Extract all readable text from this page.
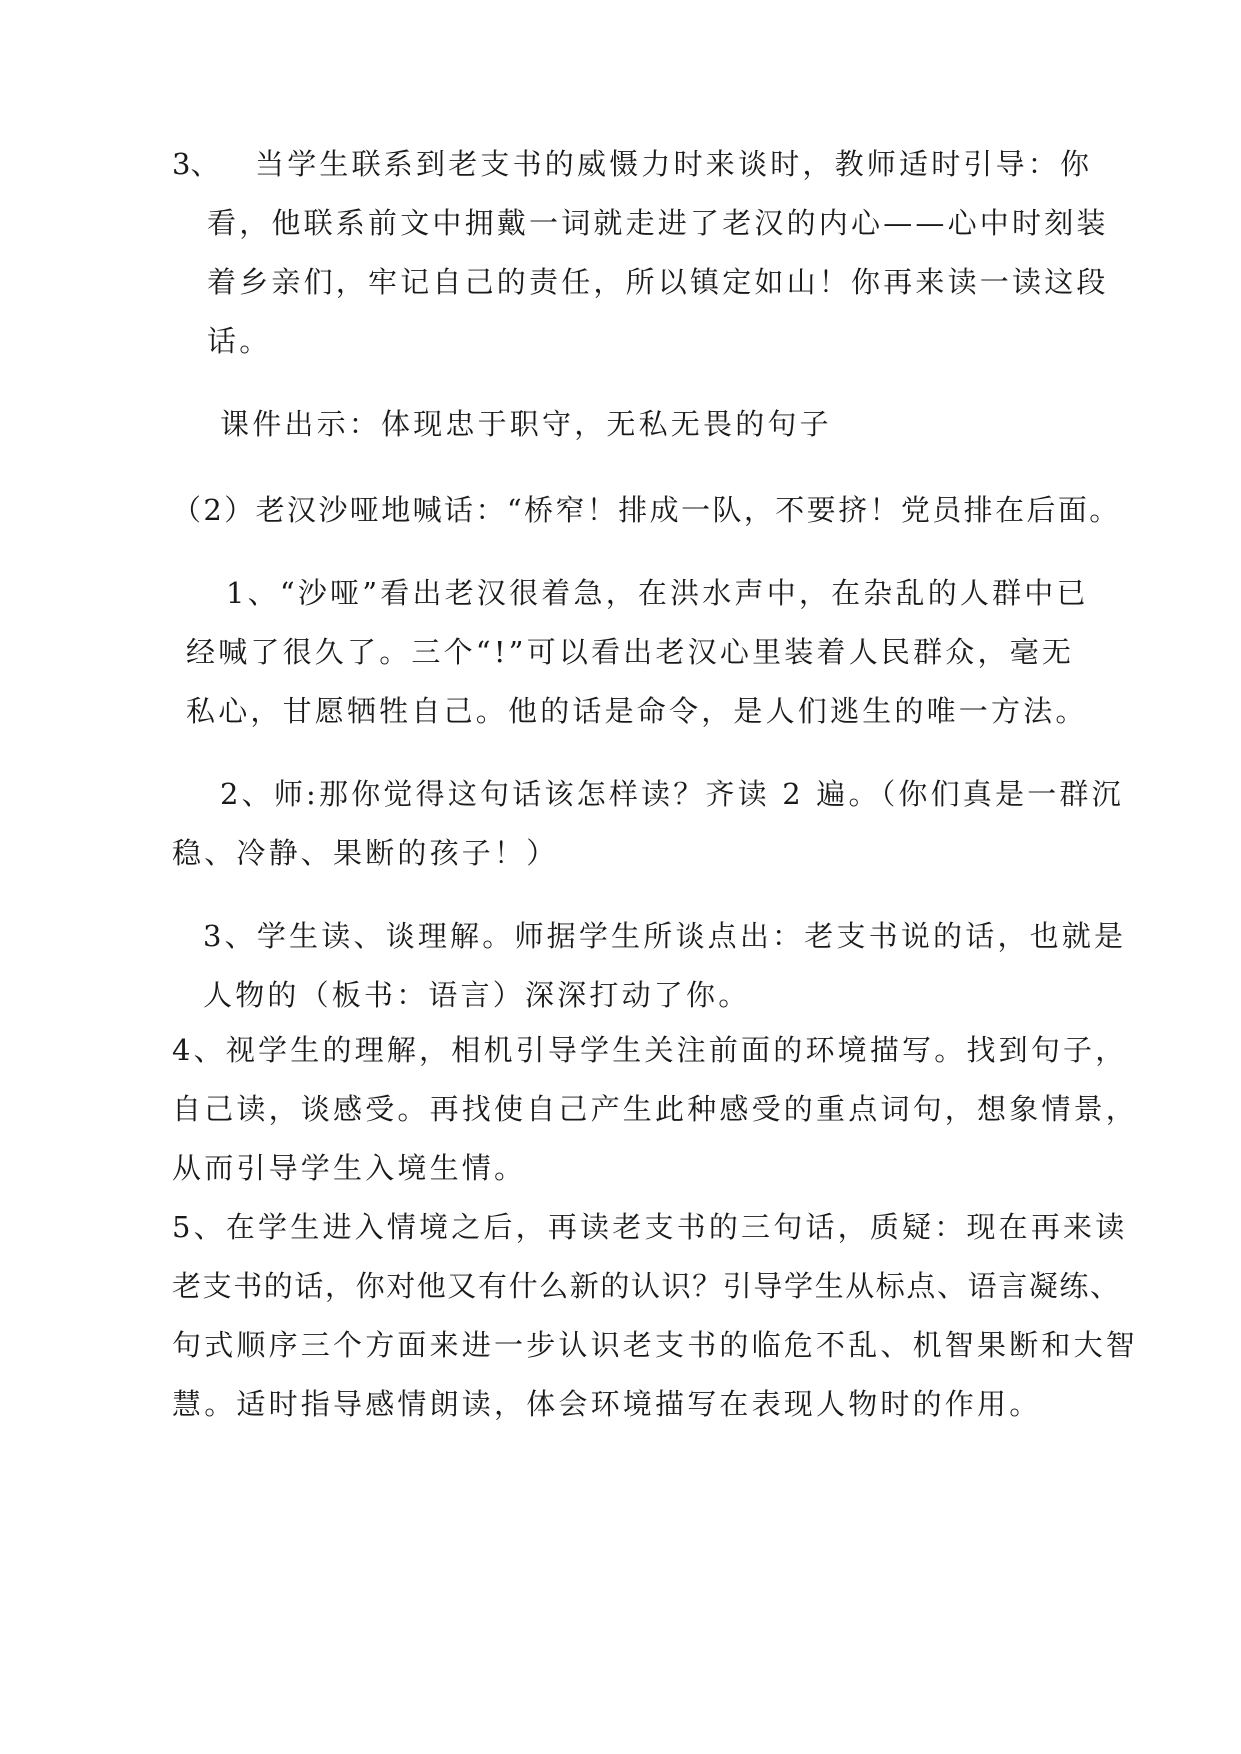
3、 当学生联系到老支书的威慑力时来谈时，教师适时引导：你
看，他联系前文中拥戴一词就走进了老汉的内心——心中时刻装
着乡亲们，牢记自己的责任，所以镇定如山！你再来读一读这段
话。
课件出示：体现忠于职守，无私无畏的句子
（2）老汉沙哑地喊话：“桥窄！排成一队，不要挤！党员排在后面。
1、“沙哑”看出老汉很着急，在洪水声中，在杂乱的人群中已
经喊了很久了。三个“!”可以看出老汉心里装着人民群众，毫无
私心，甘愿牺牲自己。他的话是命令，是人们逃生的唯一方法。
2、师:那你觉得这句话该怎样读？齐读 2 遍。（你们真是一群沉
稳、冷静、果断的孩子！）
3、学生读、谈理解。师据学生所谈点出：老支书说的话，也就是
人物的（板书：语言）深深打动了你。
4、视学生的理解，相机引导学生关注前面的环境描写。找到句子，
自己读，谈感受。再找使自己产生此种感受的重点词句，想象情景，
从而引导学生入境生情。
5、在学生进入情境之后，再读老支书的三句话，质疑：现在再来读
老支书的话，你对他又有什么新的认识？引导学生从标点、语言凝练、
句式顺序三个方面来进一步认识老支书的临危不乱、机智果断和大智
慧。适时指导感情朗读，体会环境描写在表现人物时的作用。
